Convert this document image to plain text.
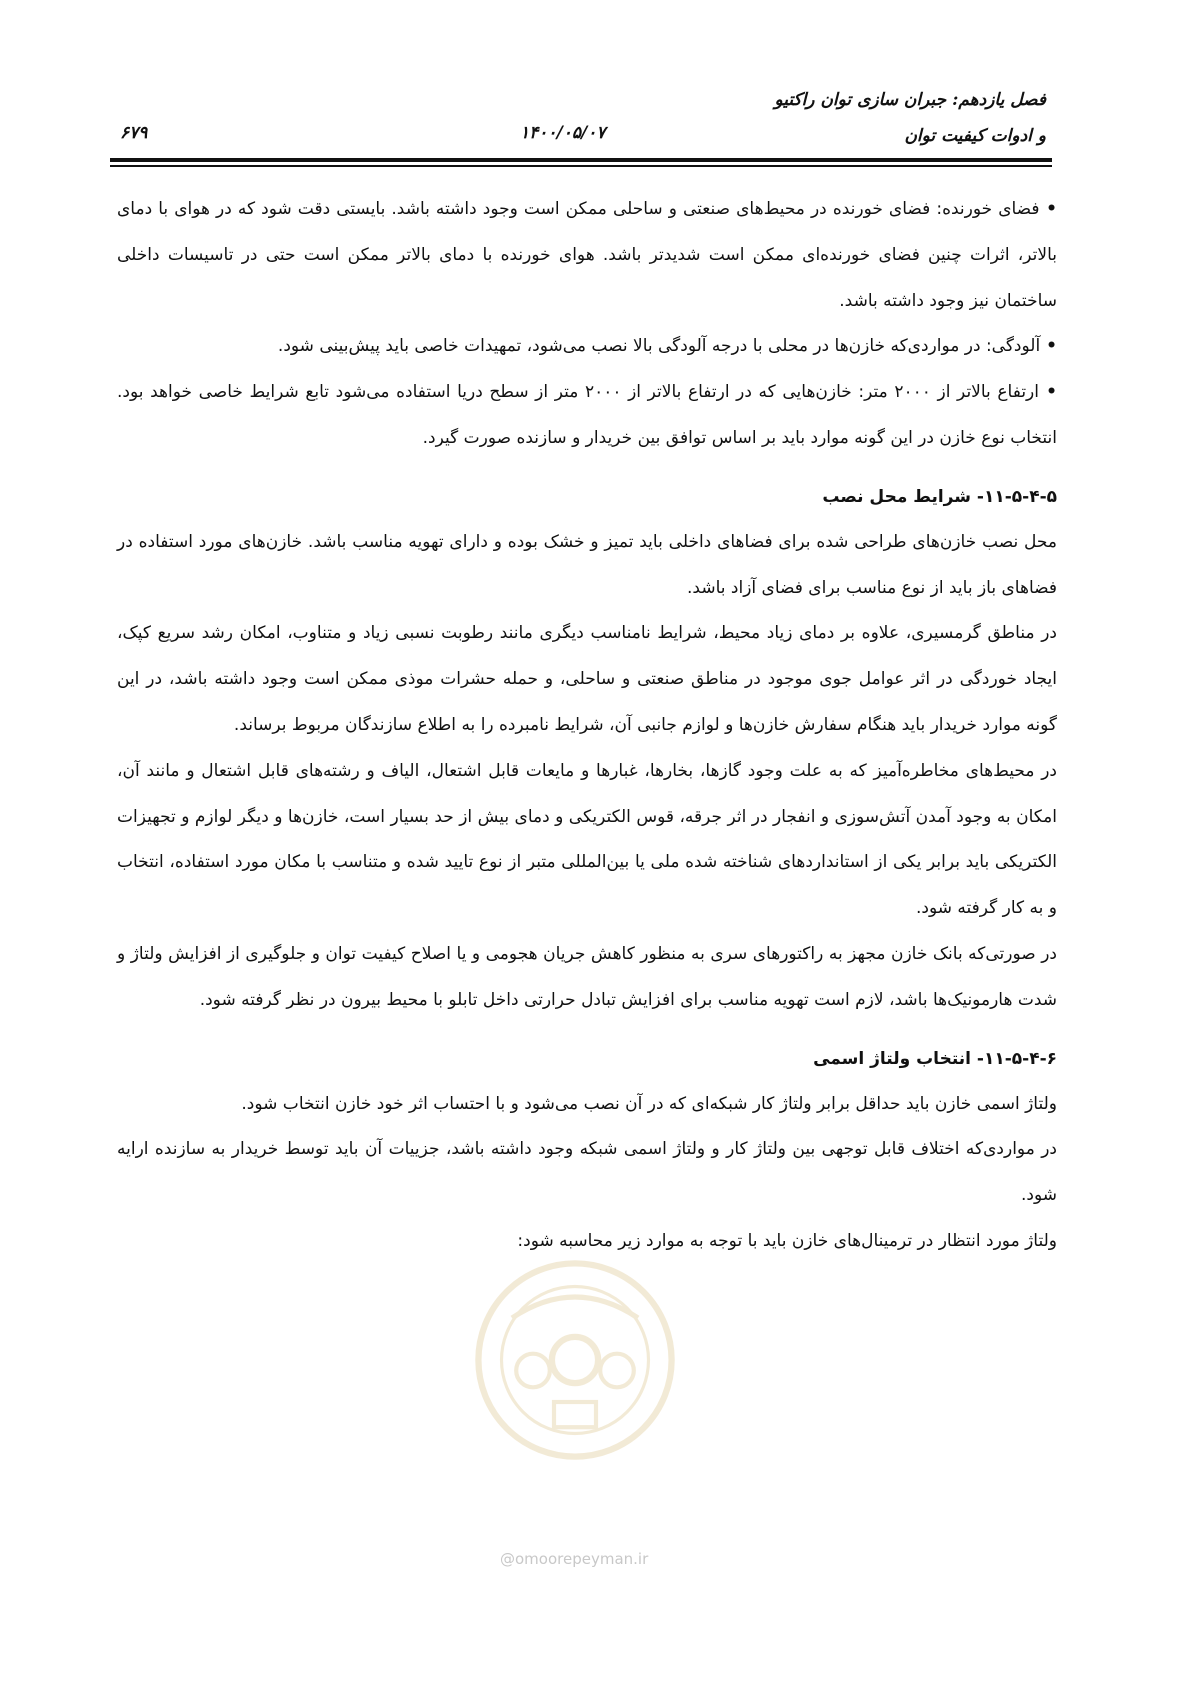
فصل یازدهم: جبران سازی توان راکتیو
و ادوات کیفیت توان
۱۴۰۰/۰۵/۰۷
۶۷۹

• فضای خورنده: فضای خورنده در محیط‌های صنعتی و ساحلی ممکن است وجود داشته باشد. بایستی دقت شود که در هوای با دمای بالاتر، اثرات چنین فضای خورنده‌ای ممکن است شدیدتر باشد. هوای خورنده با دمای بالاتر ممکن است حتی در تاسیسات داخلی ساختمان نیز وجود داشته باشد.

• آلودگی: در مواردی‌که خازن‌ها در محلی با درجه آلودگی بالا نصب می‌شود، تمهیدات خاصی باید پیش‌بینی شود.

• ارتفاع بالاتر از ۲۰۰۰ متر: خازن‌هایی که در ارتفاع بالاتر از ۲۰۰۰ متر از سطح دریا استفاده می‌شود تابع شرایط خاصی خواهد بود. انتخاب نوع خازن در این گونه موارد باید بر اساس توافق بین خریدار و سازنده صورت گیرد.

۱۱-۵-۴-۵- شرایط محل نصب

محل نصب خازن‌های طراحی شده برای فضاهای داخلی باید تمیز و خشک بوده و دارای تهویه مناسب باشد. خازن‌های مورد استفاده در فضاهای باز باید از نوع مناسب برای فضای آزاد باشد.

در مناطق گرمسیری، علاوه بر دمای زیاد محیط، شرایط نامناسب دیگری مانند رطوبت نسبی زیاد و متناوب، امکان رشد سریع کپک، ایجاد خوردگی در اثر عوامل جوی موجود در مناطق صنعتی و ساحلی، و حمله حشرات موذی ممکن است وجود داشته باشد، در این گونه موارد خریدار باید هنگام سفارش خازن‌ها و لوازم جانبی آن، شرایط نامبرده را به اطلاع سازندگان مربوط برساند.

در محیط‌های مخاطره‌آمیز که به علت وجود گازها، بخارها، غبارها و مایعات قابل اشتعال، الیاف و رشته‌های قابل اشتعال و مانند آن، امکان به وجود آمدن آتش‌سوزی و انفجار در اثر جرقه، قوس الکتریکی و دمای بیش از حد بسیار است، خازن‌ها و دیگر لوازم و تجهیزات الکتریکی باید برابر یکی از استانداردهای شناخته شده ملی یا بین‌المللی متبر از نوع تایید شده و متناسب با مکان مورد استفاده، انتخاب و به کار گرفته شود.

در صورتی‌که بانک خازن مجهز به راکتورهای سری به منظور کاهش جریان هجومی و یا اصلاح کیفیت توان و جلوگیری از افزایش ولتاژ و شدت هارمونیک‌ها باشد، لازم است تهویه مناسب برای افزایش تبادل حرارتی داخل تابلو با محیط بیرون در نظر گرفته شود.

۱۱-۵-۴-۶- انتخاب ولتاژ اسمی

ولتاژ اسمی خازن باید حداقل برابر ولتاژ کار شبکه‌ای که در آن نصب می‌شود و با احتساب اثر خود خازن انتخاب شود.

در مواردی‌که اختلاف قابل توجهی بین ولتاژ کار و ولتاژ اسمی شبکه وجود داشته باشد، جزییات آن باید توسط خریدار به سازنده ارایه شود.

ولتاژ مورد انتظار در ترمینال‌های خازن باید با توجه به موارد زیر محاسبه شود:

@omoorepeyman.ir
